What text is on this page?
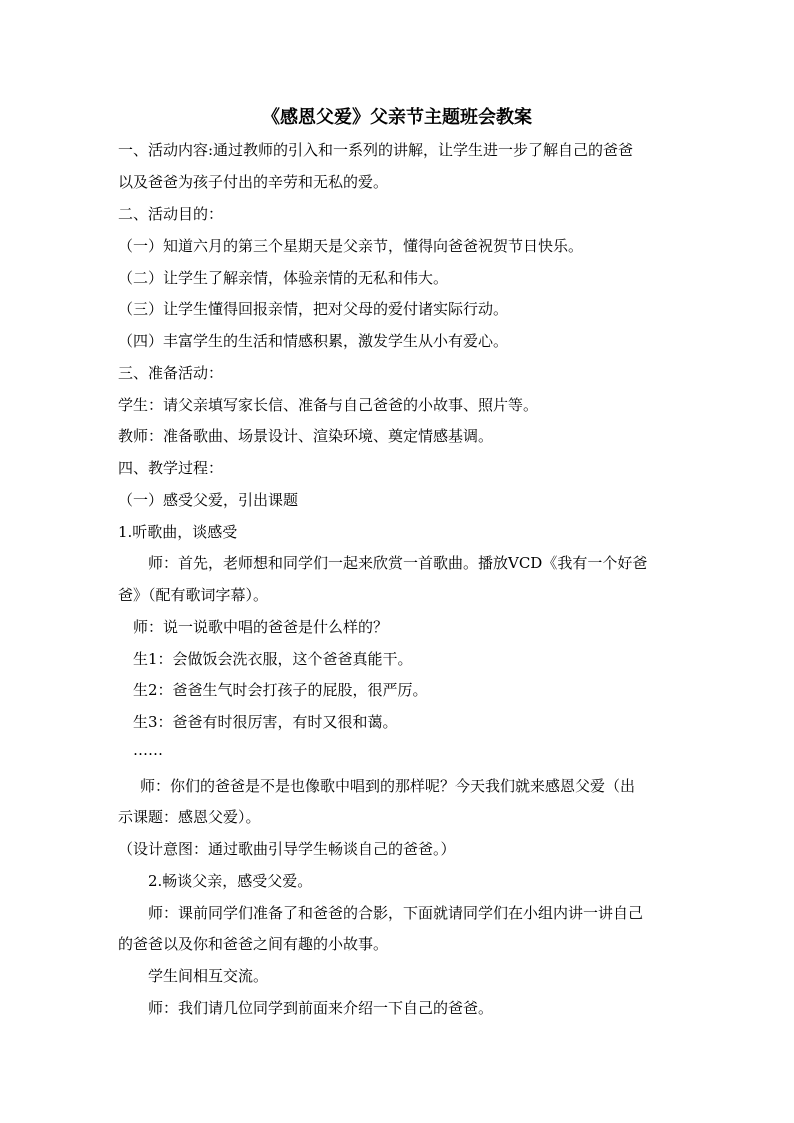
《感恩父爱》父亲节主题班会教案
一、活动内容:通过教师的引入和一系列的讲解，让学生进一步了解自己的爸爸
以及爸爸为孩子付出的辛劳和无私的爱。
二、活动目的：
（一）知道六月的第三个星期天是父亲节，懂得向爸爸祝贺节日快乐。
（二）让学生了解亲情，体验亲情的无私和伟大。
（三）让学生懂得回报亲情，把对父母的爱付诸实际行动。
（四）丰富学生的生活和情感积累，激发学生从小有爱心。
三、准备活动：
学生：请父亲填写家长信、准备与自己爸爸的小故事、照片等。
教师：准备歌曲、场景设计、渲染环境、奠定情感基调。
四、教学过程：
（一）感受父爱，引出课题
1.听歌曲，谈感受
师：首先，老师想和同学们一起来欣赏一首歌曲。播放VCD《我有一个好爸
爸》（配有歌词字幕）。
师：说一说歌中唱的爸爸是什么样的？
生1：会做饭会洗衣服，这个爸爸真能干。
生2：爸爸生气时会打孩子的屁股，很严厉。
生3：爸爸有时很厉害，有时又很和蔼。
……
师：你们的爸爸是不是也像歌中唱到的那样呢？今天我们就来感恩父爱（出
示课题：感恩父爱）。
（设计意图：通过歌曲引导学生畅谈自己的爸爸。）
2.畅谈父亲，感受父爱。
师：课前同学们准备了和爸爸的合影，下面就请同学们在小组内讲一讲自己
的爸爸以及你和爸爸之间有趣的小故事。
学生间相互交流。
师：我们请几位同学到前面来介绍一下自己的爸爸。
